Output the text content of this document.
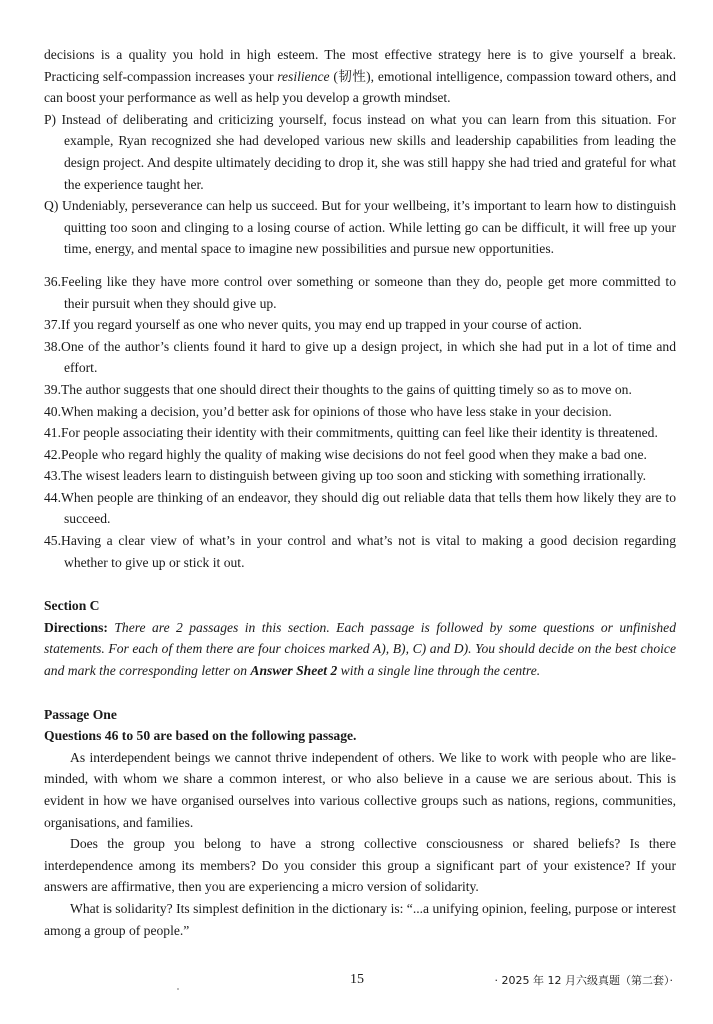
decisions is a quality you hold in high esteem. The most effective strategy here is to give yourself a break. Practicing self-compassion increases your resilience (韧性), emotional intelligence, compassion toward others, and can boost your performance as well as help you develop a growth mindset.

P) Instead of deliberating and criticizing yourself, focus instead on what you can learn from this situation. For example, Ryan recognized she had developed various new skills and leadership capabilities from leading the design project. And despite ultimately deciding to drop it, she was still happy she had tried and grateful for what the experience taught her.

Q) Undeniably, perseverance can help us succeed. But for your wellbeing, it’s important to learn how to distinguish quitting too soon and clinging to a losing course of action. While letting go can be difficult, it will free up your time, energy, and mental space to imagine new possibilities and pursue new opportunities.

36.Feeling like they have more control over something or someone than they do, people get more committed to their pursuit when they should give up.

37.If you regard yourself as one who never quits, you may end up trapped in your course of action.

38.One of the author’s clients found it hard to give up a design project, in which she had put in a lot of time and effort.

39.The author suggests that one should direct their thoughts to the gains of quitting timely so as to move on.

40.When making a decision, you’d better ask for opinions of those who have less stake in your decision.

41.For people associating their identity with their commitments, quitting can feel like their identity is threatened.

42.People who regard highly the quality of making wise decisions do not feel good when they make a bad one.

43.The wisest leaders learn to distinguish between giving up too soon and sticking with something irrationally.

44.When people are thinking of an endeavor, they should dig out reliable data that tells them how likely they are to succeed.

45.Having a clear view of what’s in your control and what’s not is vital to making a good decision regarding whether to give up or stick it out.

Section C

Directions: There are 2 passages in this section. Each passage is followed by some questions or unfinished statements. For each of them there are four choices marked A), B), C) and D). You should decide on the best choice and mark the corresponding letter on Answer Sheet 2 with a single line through the centre.

Passage One

Questions 46 to 50 are based on the following passage.

As interdependent beings we cannot thrive independent of others. We like to work with people who are like-minded, with whom we share a common interest, or who also believe in a cause we are serious about. This is evident in how we have organised ourselves into various collective groups such as nations, regions, communities, organisations, and families.

Does the group you belong to have a strong collective consciousness or shared beliefs? Is there interdependence among its members? Do you consider this group a significant part of your existence? If your answers are affirmative, then you are experiencing a micro version of solidarity.

What is solidarity? Its simplest definition in the dictionary is: “...a unifying opinion, feeling, purpose or interest among a group of people.”

15	· 2025 年 12 月六级真题（第二套）·
